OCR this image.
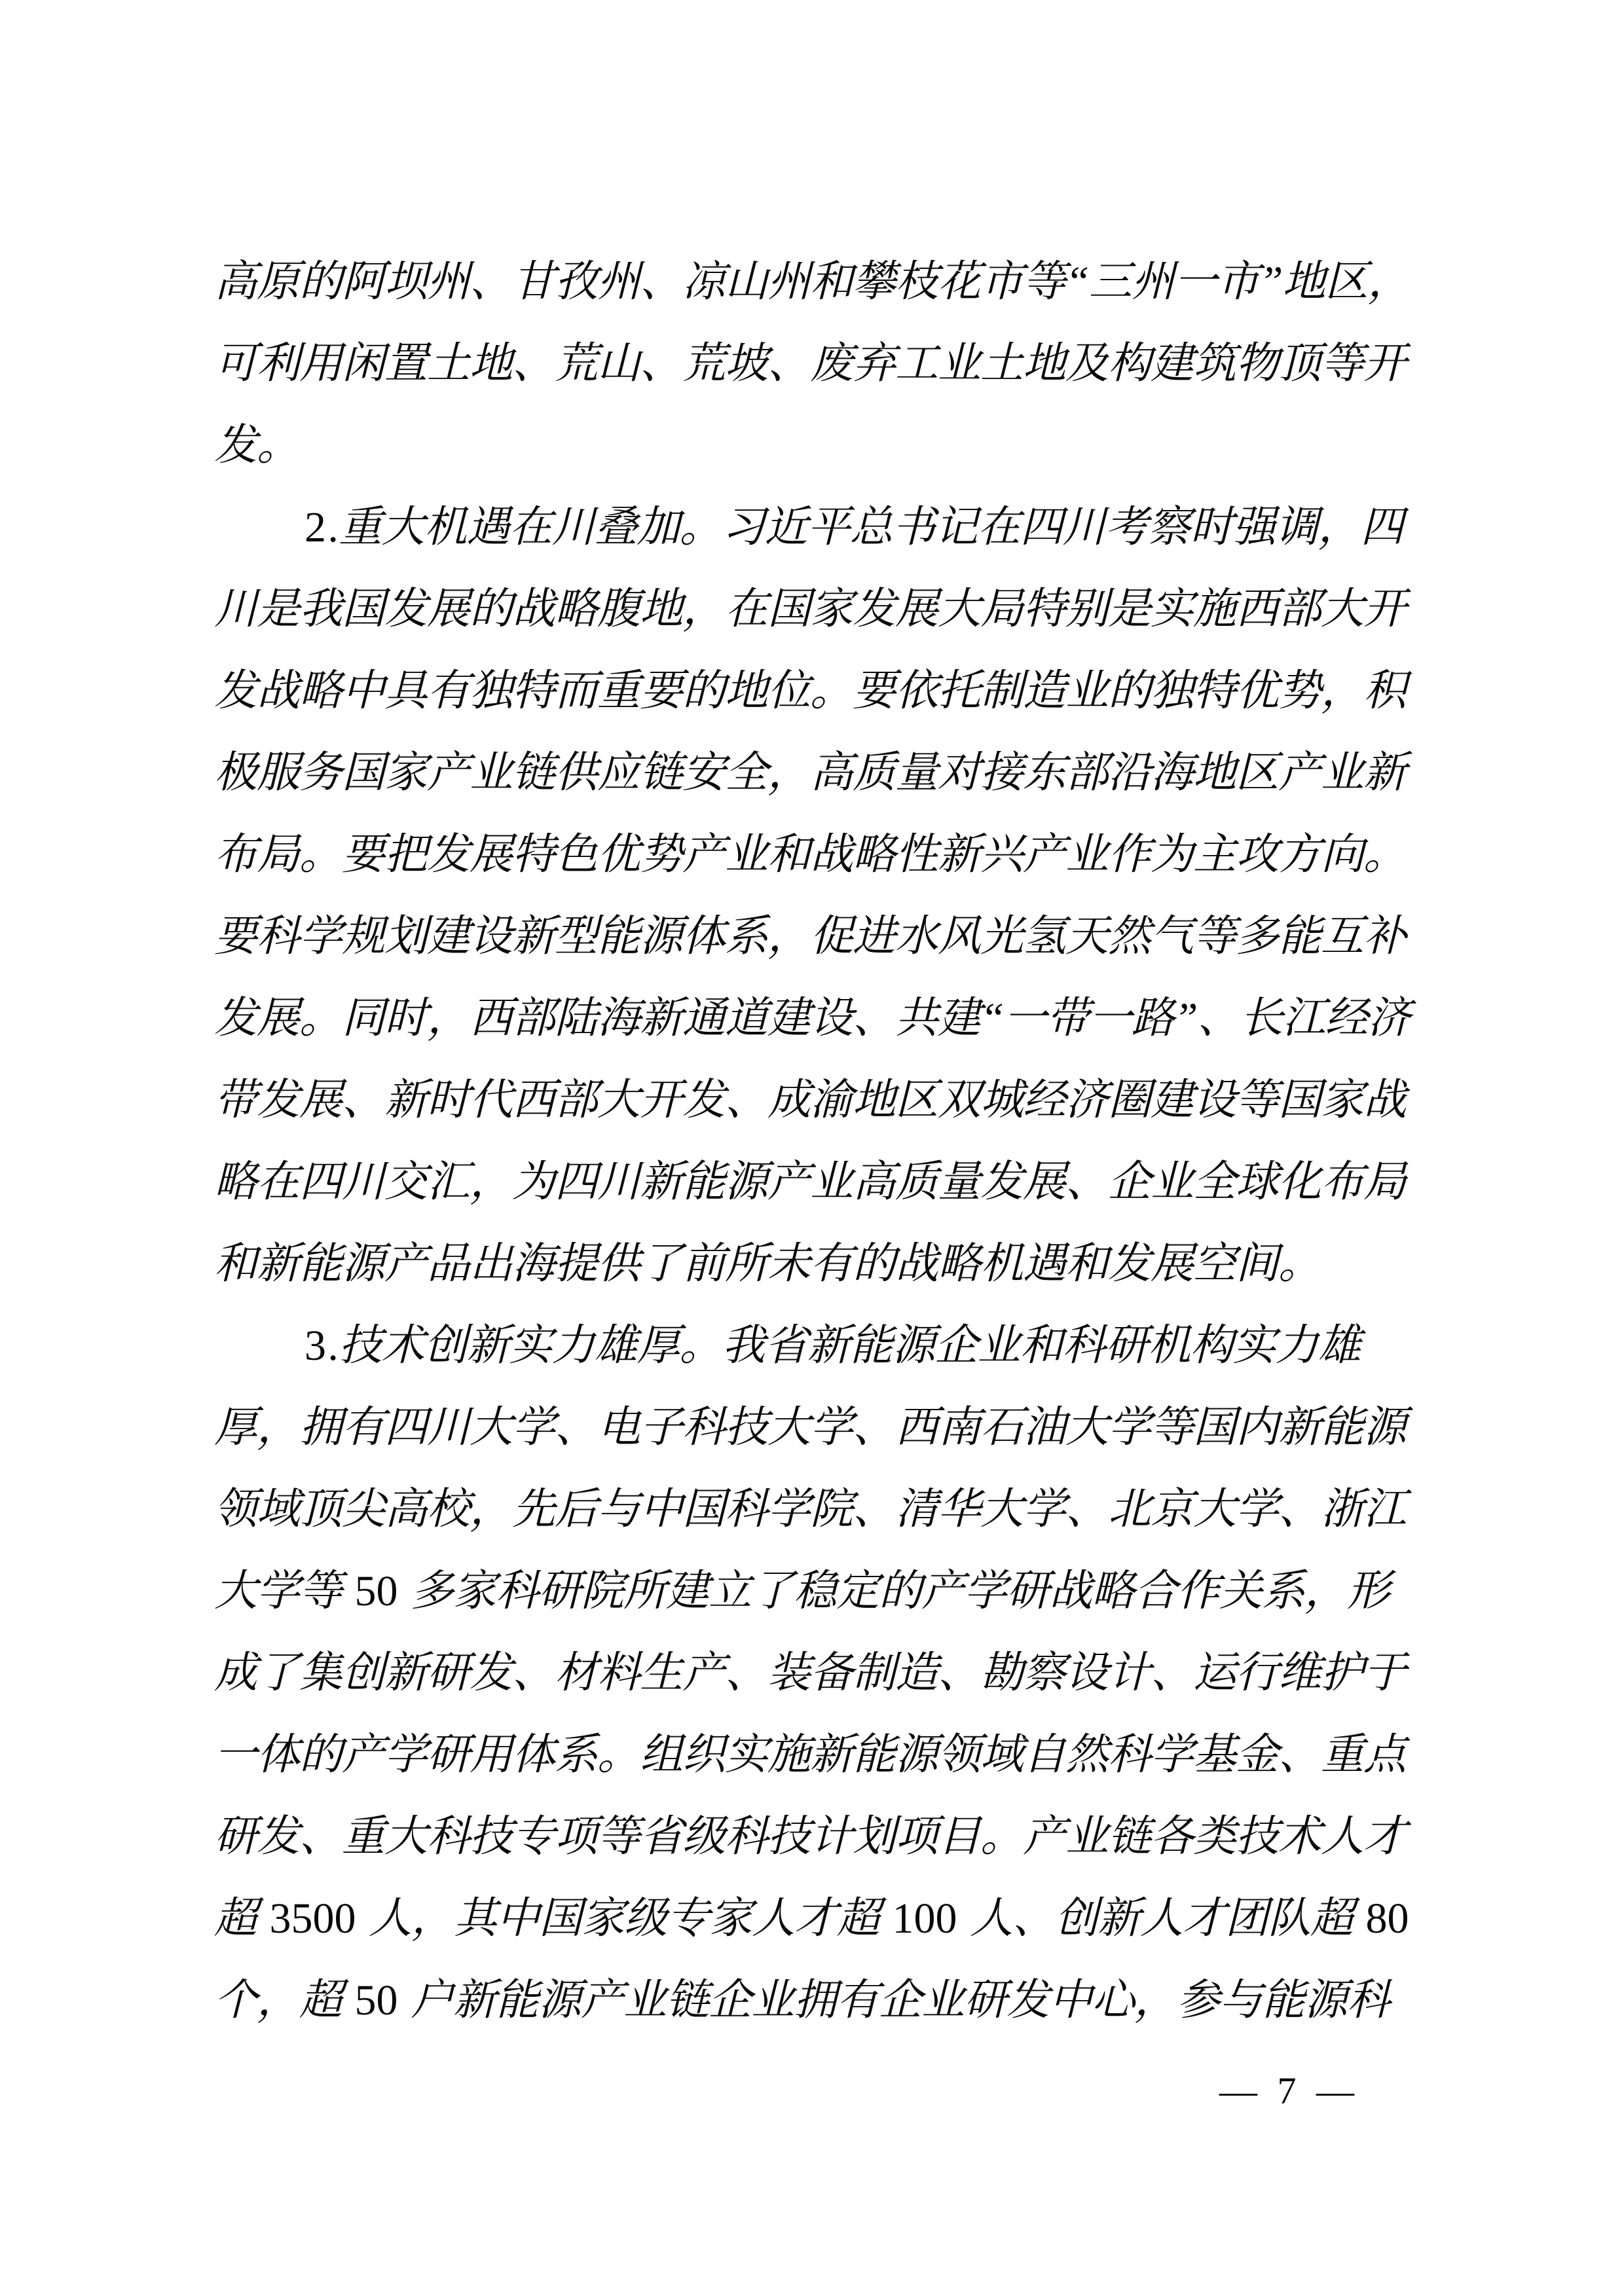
高原的阿坝州、甘孜州、凉山州和攀枝花市等“三州一市”地区，
可利用闲置土地、荒山、荒坡、废弃工业土地及构建筑物顶等开
发。
2.重大机遇在川叠加。习近平总书记在四川考察时强调，四
川是我国发展的战略腹地，在国家发展大局特别是实施西部大开
发战略中具有独特而重要的地位。要依托制造业的独特优势，积
极服务国家产业链供应链安全，高质量对接东部沿海地区产业新
布局。要把发展特色优势产业和战略性新兴产业作为主攻方向。
要科学规划建设新型能源体系，促进水风光氢天然气等多能互补
发展。同时，西部陆海新通道建设、共建“一带一路”、长江经济
带发展、新时代西部大开发、成渝地区双城经济圈建设等国家战
略在四川交汇，为四川新能源产业高质量发展、企业全球化布局
和新能源产品出海提供了前所未有的战略机遇和发展空间。
3.技术创新实力雄厚。我省新能源企业和科研机构实力雄
厚，拥有四川大学、电子科技大学、西南石油大学等国内新能源
领域顶尖高校，先后与中国科学院、清华大学、北京大学、浙江
大学等 50 多家科研院所建立了稳定的产学研战略合作关系，形
成了集创新研发、材料生产、装备制造、勘察设计、运行维护于
一体的产学研用体系。组织实施新能源领域自然科学基金、重点
研发、重大科技专项等省级科技计划项目。产业链各类技术人才
超 3500 人，其中国家级专家人才超 100 人、创新人才团队超 80
个，超 50 户新能源产业链企业拥有企业研发中心，参与能源科
— 7 —
